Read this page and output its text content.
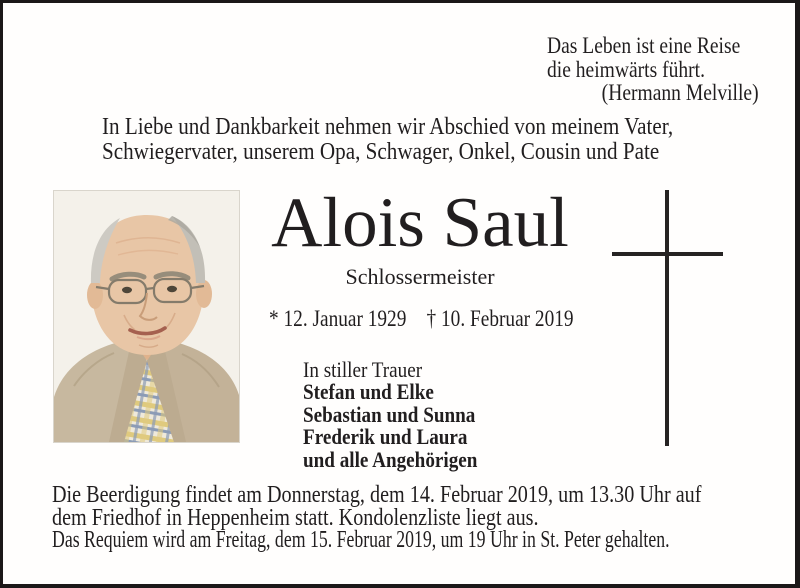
Das Leben ist eine Reise
die heimwärts führt.
(Hermann Melville)
In Liebe und Dankbarkeit nehmen wir Abschied von meinem Vater,
Schwiegervater, unserem Opa, Schwager, Onkel, Cousin und Pate
Alois Saul
Schlossermeister
* 12. Januar 1929 † 10. Februar 2019
In stiller Trauer
Stefan und Elke
Sebastian und Sunna
Frederik und Laura
und alle Angehörigen
Die Beerdigung findet am Donnerstag, dem 14. Februar 2019, um 13.30 Uhr auf
dem Friedhof in Heppenheim statt. Kondolenzliste liegt aus.
Das Requiem wird am Freitag, dem 15. Februar 2019, um 19 Uhr in St. Peter gehalten.
